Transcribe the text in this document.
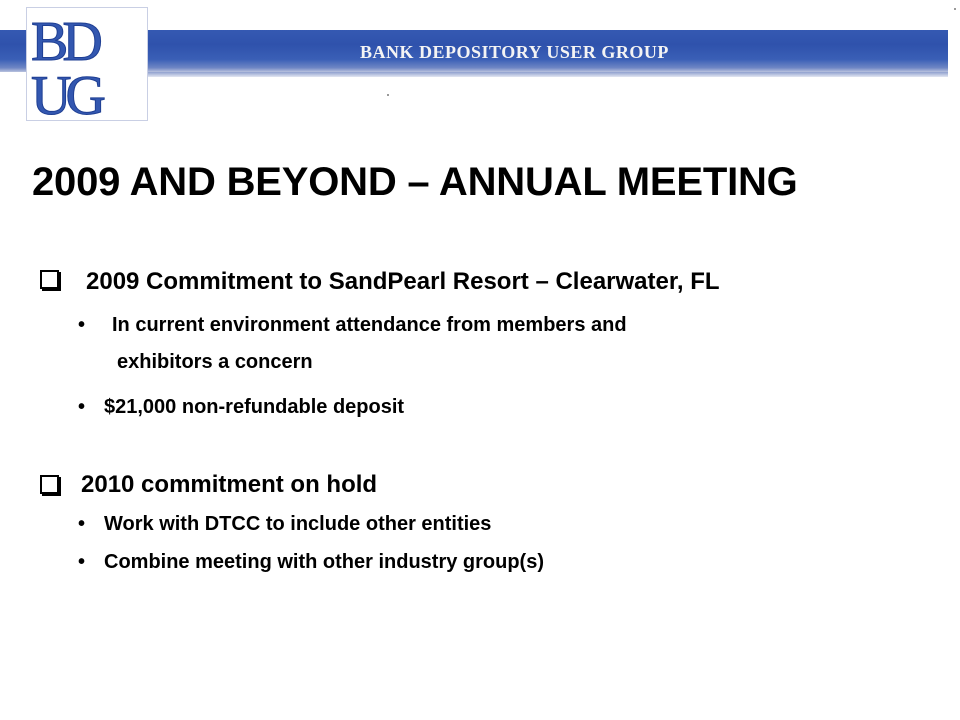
BANK DEPOSITORY USER GROUP
BD
UG
2009 AND BEYOND – ANNUAL MEETING
2009 Commitment to SandPearl Resort – Clearwater, FL
• In current environment attendance from members and
exhibitors a concern
• $21,000 non-refundable deposit
2010 commitment on hold
• Work with DTCC to include other entities
• Combine meeting with other industry group(s)
